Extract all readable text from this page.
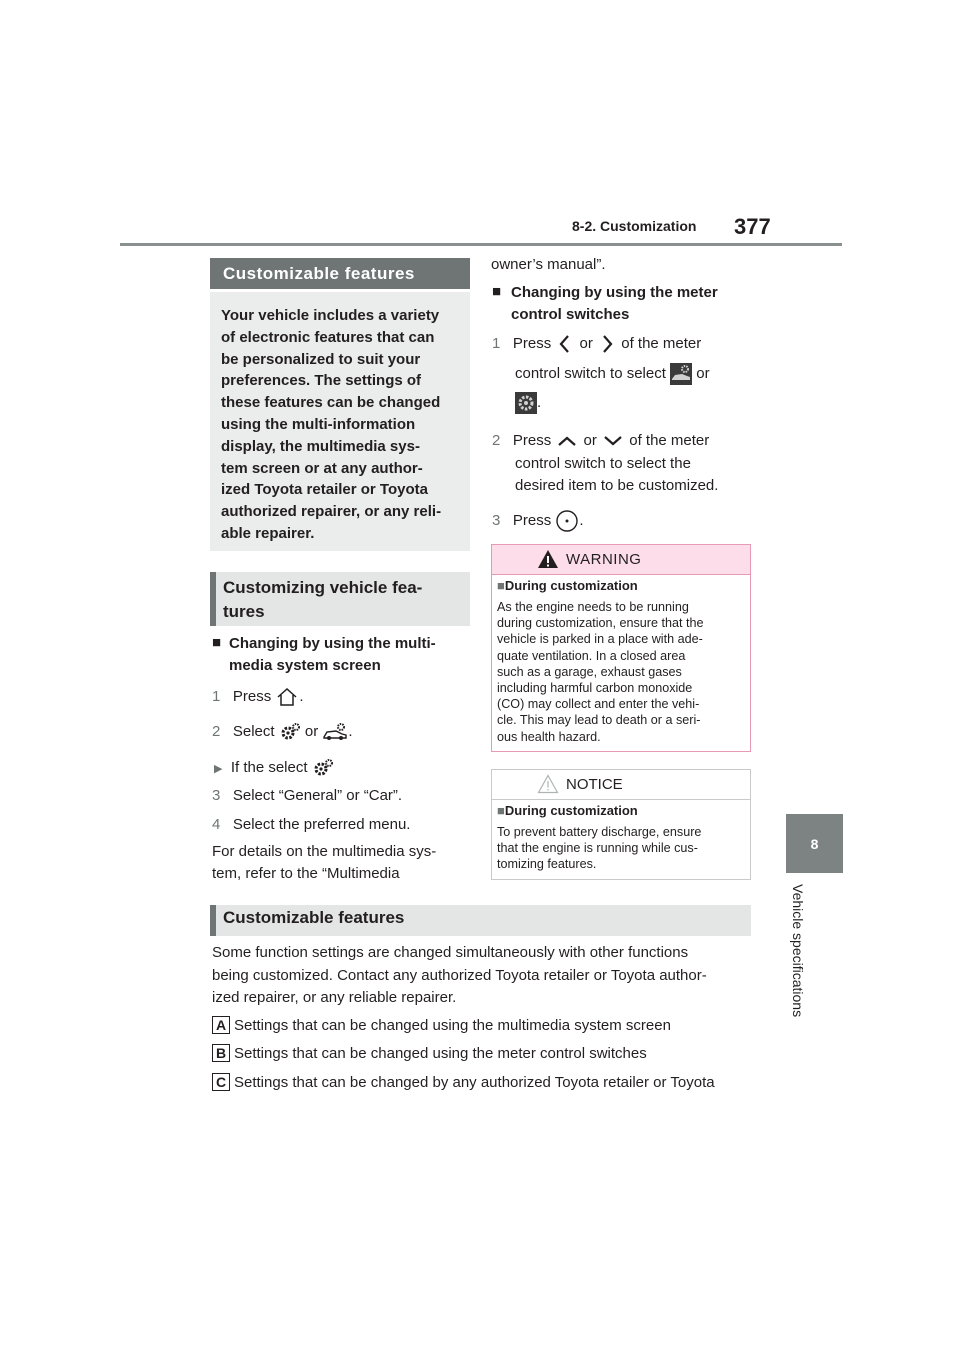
8-2. Customization 377
8
Vehicle specifications
Customizable features
Your vehicle includes a variety
of electronic features that can
be personalized to suit your
preferences. The settings of
these features can be changed
using the multi-information
display, the multimedia sys-
tem screen or at any author-
ized Toyota retailer or Toyota
authorized repairer, or any reli-
able repairer.
Customizing vehicle fea-
tures
■ Changing by using the multi-
media system screen
1 Press .
2 Select or .
▶ If the select
3 Select “General” or “Car”.
4 Select the preferred menu.
For details on the multimedia sys-
tem, refer to the “Multimedia
owner’s manual”.
■ Changing by using the meter
control switches
1 Press or of the meter
control switch to select or
.
2 Press or of the meter
control switch to select the
desired item to be customized.
3 Press .
WARNING
■During customization
As the engine needs to be running
during customization, ensure that the
vehicle is parked in a place with ade-
quate ventilation. In a closed area
such as a garage, exhaust gases
including harmful carbon monoxide
(CO) may collect and enter the vehi-
cle. This may lead to death or a seri-
ous health hazard.
NOTICE
■During customization
To prevent battery discharge, ensure
that the engine is running while cus-
tomizing features.
Customizable features
Some function settings are changed simultaneously with other functions
being customized. Contact any authorized Toyota retailer or Toyota author-
ized repairer, or any reliable repairer.
A Settings that can be changed using the multimedia system screen
B Settings that can be changed using the meter control switches
C Settings that can be changed by any authorized Toyota retailer or Toyota
